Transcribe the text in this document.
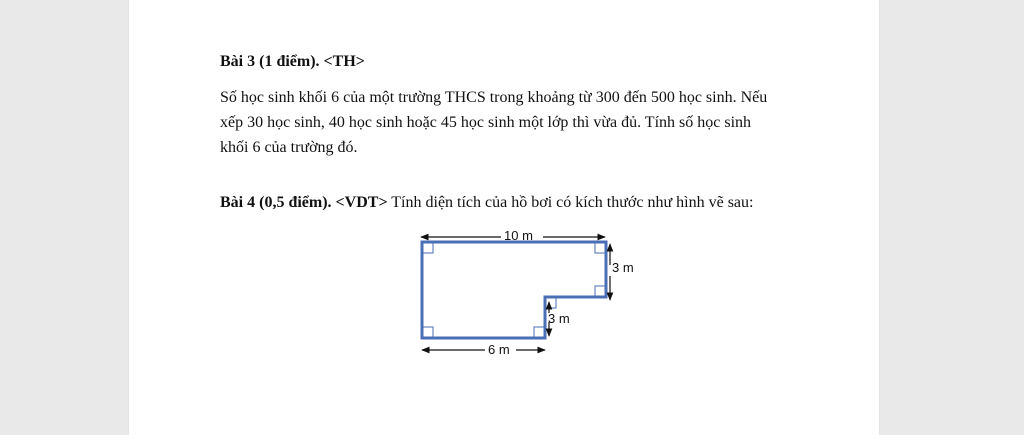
Bài 3 (1 điểm). <TH>
Số học sinh khối 6 của một trường THCS trong khoảng từ 300 đến 500 học sinh. Nếu
xếp 30 học sinh, 40 học sinh hoặc 45 học sinh một lớp thì vừa đủ. Tính số học sinh
khối 6 của trường đó.
Bài 4 (0,5 điểm). <VDT> Tính diện tích của hồ bơi có kích thước như hình vẽ sau:
10 m
3 m
3 m
6 m
